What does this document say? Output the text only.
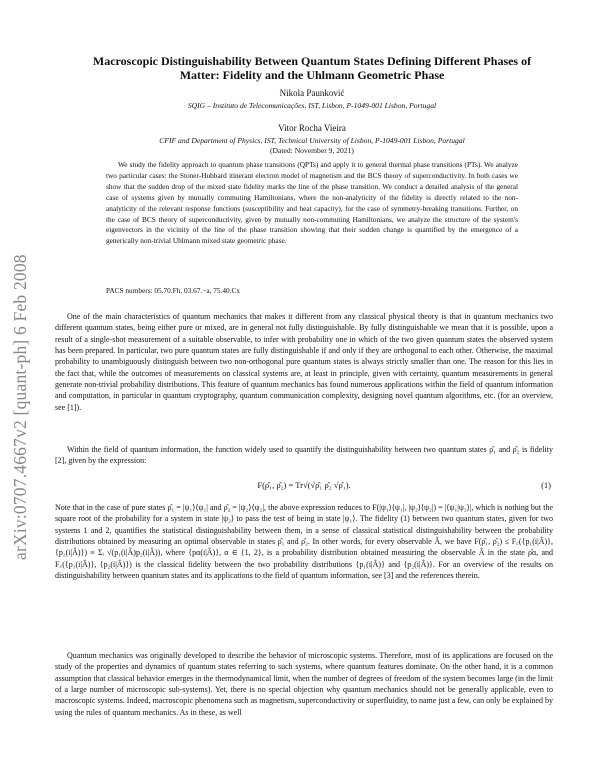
arXiv:0707.4667v2 [quant-ph] 6 Feb 2008
Macroscopic Distinguishability Between Quantum States Defining Different Phases of
Matter: Fidelity and the Uhlmann Geometric Phase
Nikola Paunković
SQIG – Instituto de Telecomunicações, IST, Lisbon, P-1049-001 Lisbon, Portugal
Vitor Rocha Vieira
CFIF and Department of Physics, IST, Technical University of Lisbon, P-1049-001 Lisbon, Portugal
(Dated: November 9, 2021)

We study the fidelity approach to quantum phase transitions (QPTs) and apply it to general thermal phase transitions (PTs). We analyze two particular cases: the Stoner-Hubbard itinerant electron model of magnetism and the BCS theory of superconductivity. In both cases we show that the sudden drop of the mixed state fidelity marks the line of the phase transition. We conduct a detailed analysis of the general case of systems given by mutually commuting Hamiltonians, where the non-analyticity of the fidelity is directly related to the non-analyticity of the relevant response functions (susceptibility and heat capacity), for the case of symmetry-breaking transitions. Further, on the case of BCS theory of superconductivity, given by mutually non-commuting Hamiltonians, we analyze the structure of the system's eigenvectors in the vicinity of the line of the phase transition showing that their sudden change is quantified by the emergence of a generically non-trivial Uhlmann mixed state geometric phase.

PACS numbers: 05.70.Fh, 03.67.−a, 75.40.Cx

One of the main characteristics of quantum mechanics that makes it different from any classical physical theory is that in quantum mechanics two different quantum states, being either pure or mixed, are in general not fully distinguishable. By fully distinguishable we mean that it is possible, upon a result of a single-shot measurement of a suitable observable, to infer with probability one in which of the two given quantum states the observed system has been prepared. In particular, two pure quantum states are fully distinguishable if and only if they are orthogonal to each other. Otherwise, the maximal probability to unambiguously distinguish between two non-orthogonal pure quantum states is always strictly smaller than one. The reason for this lies in the fact that, while the outcomes of measurements on classical systems are, at least in principle, given with certainty, quantum measurements in general generate non-trivial probability distributions. This feature of quantum mechanics has found numerous applications within the field of quantum information and computation, in particular in quantum cryptography, quantum communication complexity, designing novel quantum algorithms, etc. (for an overview, see [1]).

Within the field of quantum information, the function widely used to quantify the distinguishability between two quantum states ρ̂₁ and ρ̂₂ is fidelity [2], given by the expression:

F(ρ̂₁, ρ̂₂) = Tr√(√ρ̂₁ ρ̂₂ √ρ̂₁).	(1)

Note that in the case of pure states ρ̂₁ = |ψ₁⟩⟨ψ₁| and ρ̂₂ = |ψ₂⟩⟨ψ₂|, the above expression reduces to F(|ψ₁⟩⟨ψ₁|, |ψ₂⟩⟨ψ₂|) = |⟨ψ₁|ψ₂⟩|, which is nothing but the square root of the probability for a system in state |ψ₂⟩ to pass the test of being in state |ψ₁⟩. The fidelity (1) between two quantum states, given for two systems 1 and 2, quantifies the statistical distinguishability between them, in a sense of classical statistical distinguishability between the probability distributions obtained by measuring an optimal observable in states ρ̂₁ and ρ̂₂. In other words, for every observable Â, we have F(ρ̂₁, ρ̂₂) ≤ F꜀({p₁(i|Â)}, {p₂(i|Â)}) ≡ Σᵢ √(p₁(i|Â)p₂(i|Â)), where {pα(i|Â)}, α ∈ {1, 2}, is a probability distribution obtained measuring the observable Â in the state ρ̂α, and F꜀({p₁(i|Â)}, {p₂(i|Â)}) is the classical fidelity between the two probability distributions {p₁(i|Â)} and {p₂(i|Â)}. For an overview of the results on distinguishability between quantum states and its applications to the field of quantum information, see [3] and the references therein.

Quantum mechanics was originally developed to describe the behavior of microscopic systems. Therefore, most of its applications are focused on the study of the properties and dynamics of quantum states referring to such systems, where quantum features dominate. On the other hand, it is a common assumption that classical behavior emerges in the thermodynamical limit, when the number of degrees of freedom of the system becomes large (in the limit of a large number of microscopic sub-systems). Yet, there is no special objection why quantum mechanics should not be generally applicable, even to macroscopic systems. Indeed, macroscopic phenomena such as magnetism, superconductivity or superfluidity, to name just a few, can only be explained by using the rules of quantum mechanics. As in these, as well
